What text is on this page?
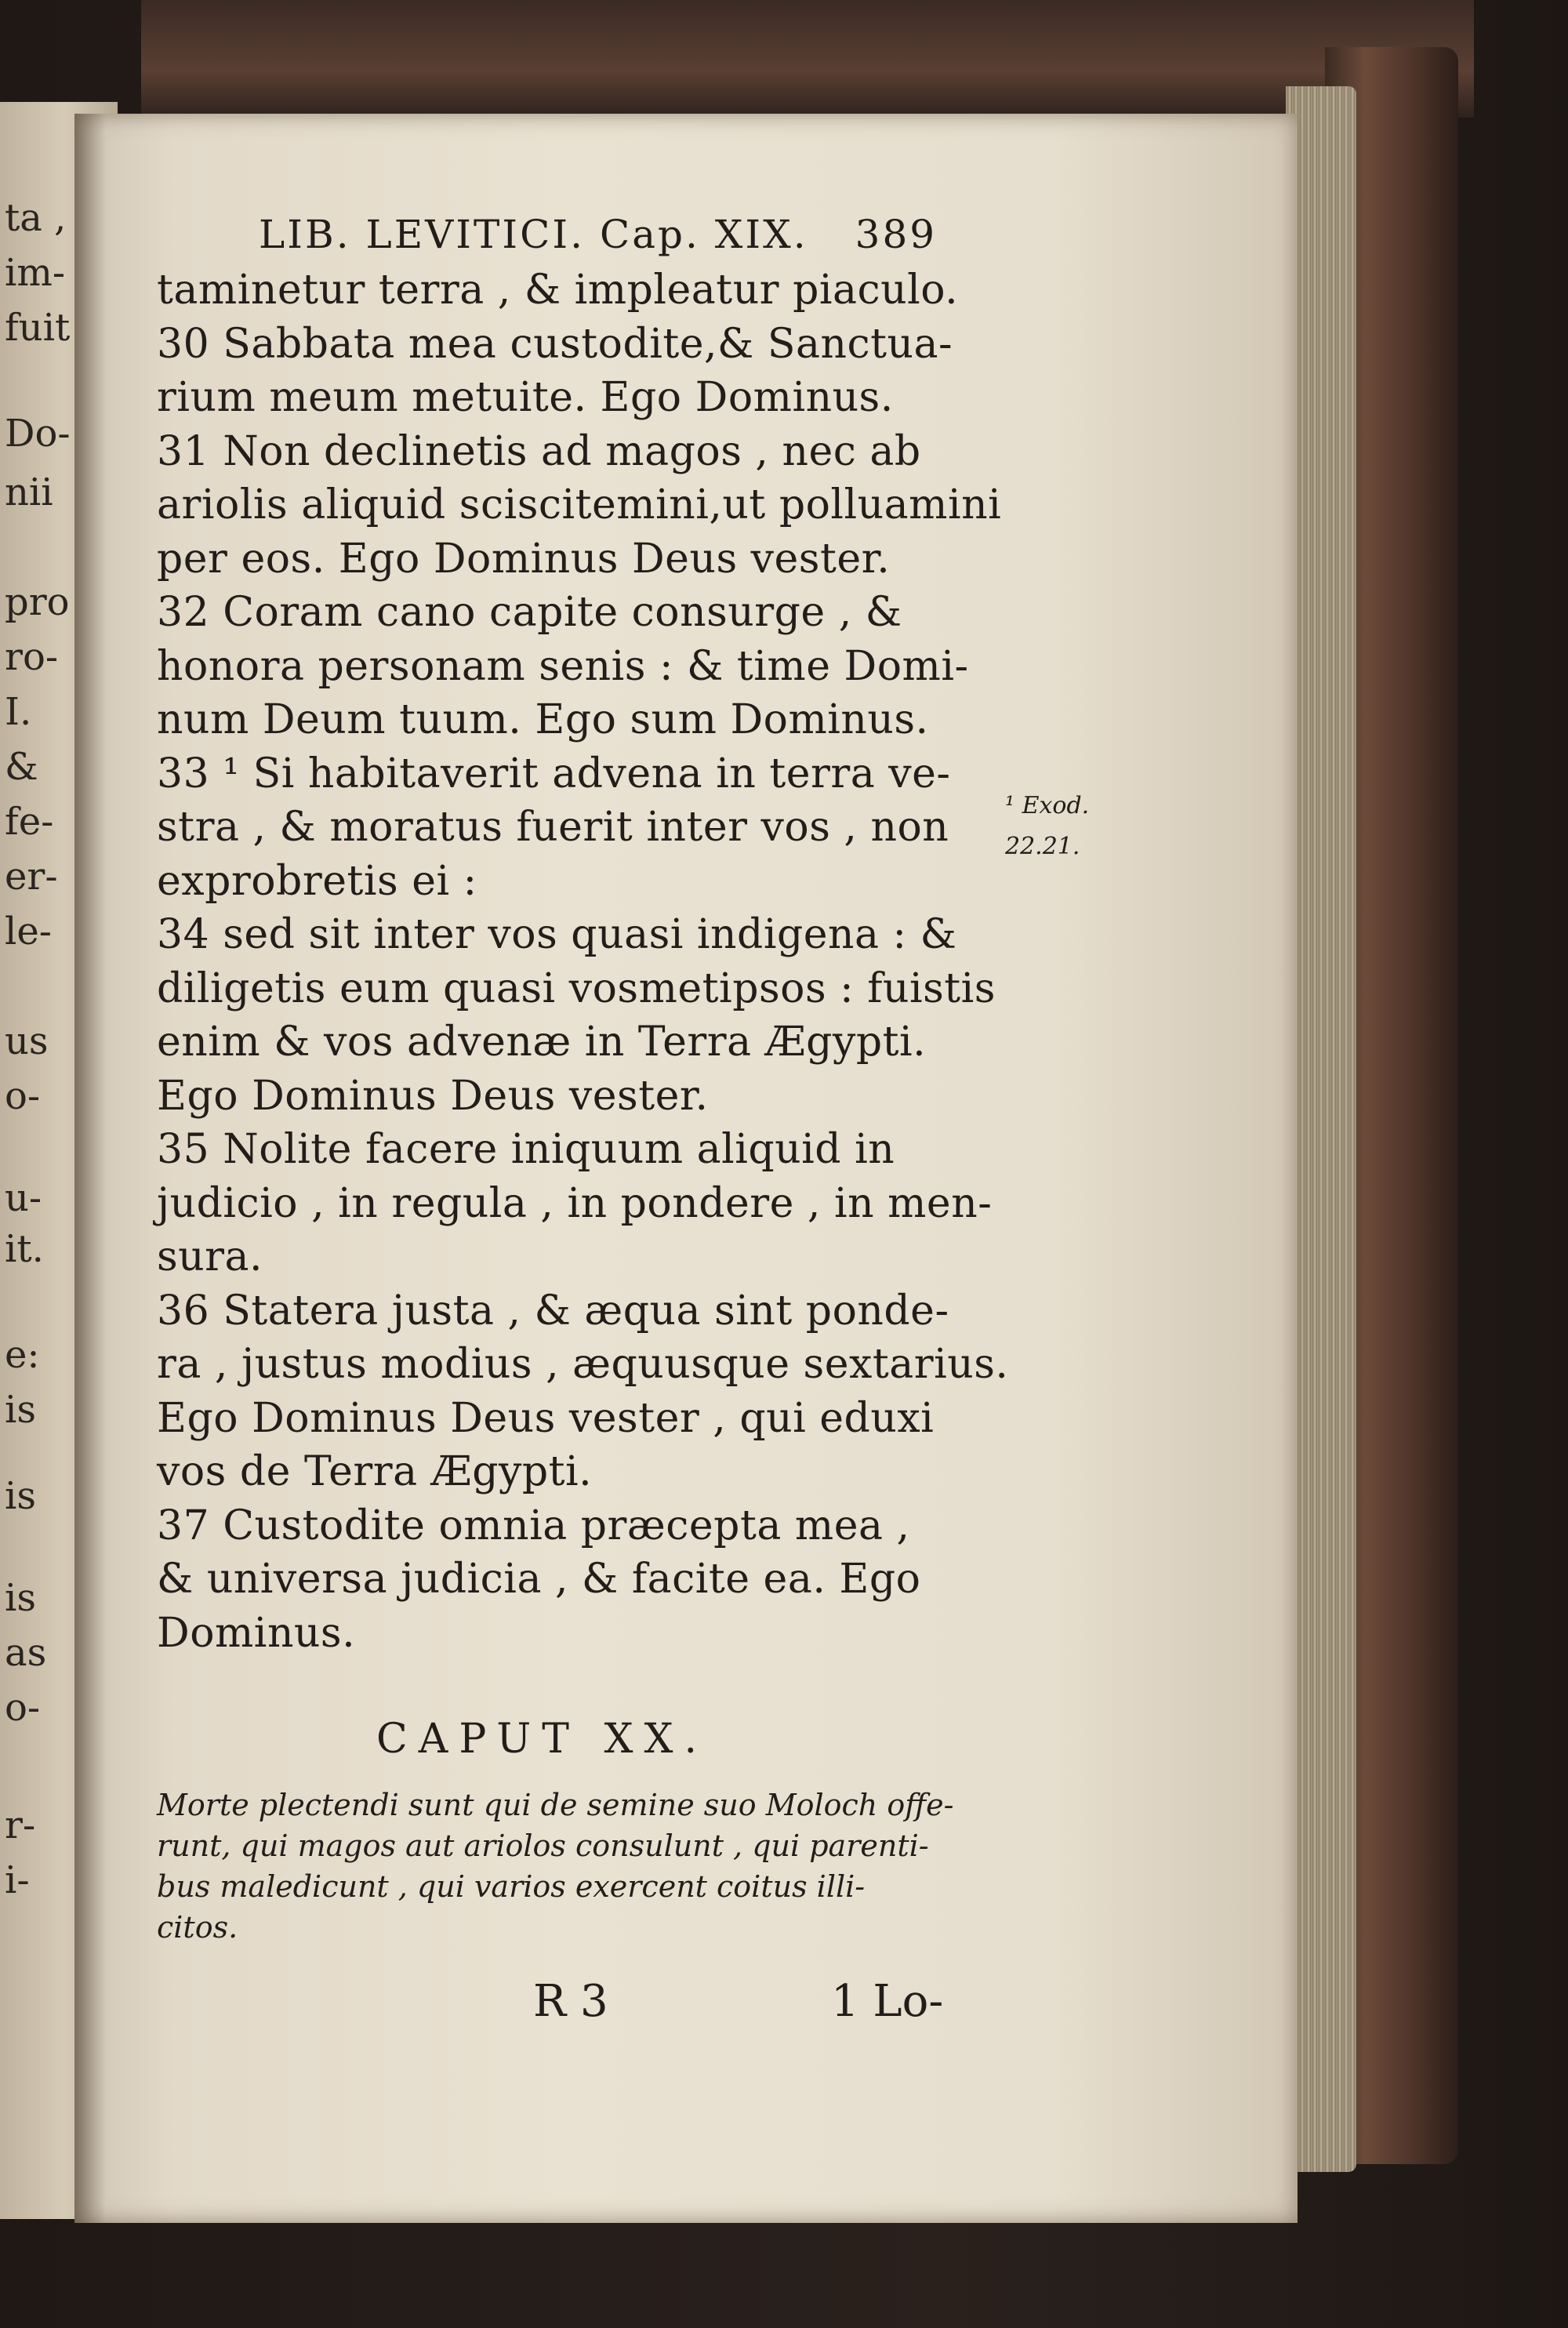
ta ,
im-
fuit
Do-
nii
pro
ro-
I.
&
fe-
er-
le-
us
o-
u-
it.
e:
is
is
is
as
o-
r-
i-
LIB. LEVITICI. Cap. XIX. 389
taminetur terra , & impleatur piaculo.
30 Sabbata mea custodite,& Sanctua-
rium meum metuite. Ego Dominus.
31 Non declinetis ad magos , nec ab
ariolis aliquid sciscitemini,ut polluamini
per eos. Ego Dominus Deus vester.
32 Coram cano capite consurge , &
honora personam senis : & time Domi-
num Deum tuum. Ego sum Dominus.
33 ¹ Si habitaverit advena in terra ve-
stra , & moratus fuerit inter vos , non
exprobretis ei :
34 sed sit inter vos quasi indigena : &
diligetis eum quasi vosmetipsos : fuistis
enim & vos advenæ in Terra Ægypti.
Ego Dominus Deus vester.
35 Nolite facere iniquum aliquid in
judicio , in regula , in pondere , in men-
sura.
36 Statera justa , & æqua sint ponde-
ra , justus modius , æquusque sextarius.
Ego Dominus Deus vester , qui eduxi
vos de Terra Ægypti.
37 Custodite omnia præcepta mea ,
& universa judicia , & facite ea. Ego
Dominus.
¹ Exod.
22.21.
CAPUT XX.
Morte plectendi sunt qui de semine suo Moloch offe-
runt, qui magos aut ariolos consulunt , qui parenti-
bus maledicunt , qui varios exercent coitus illi-
citos.
R 3	1 Lo-
